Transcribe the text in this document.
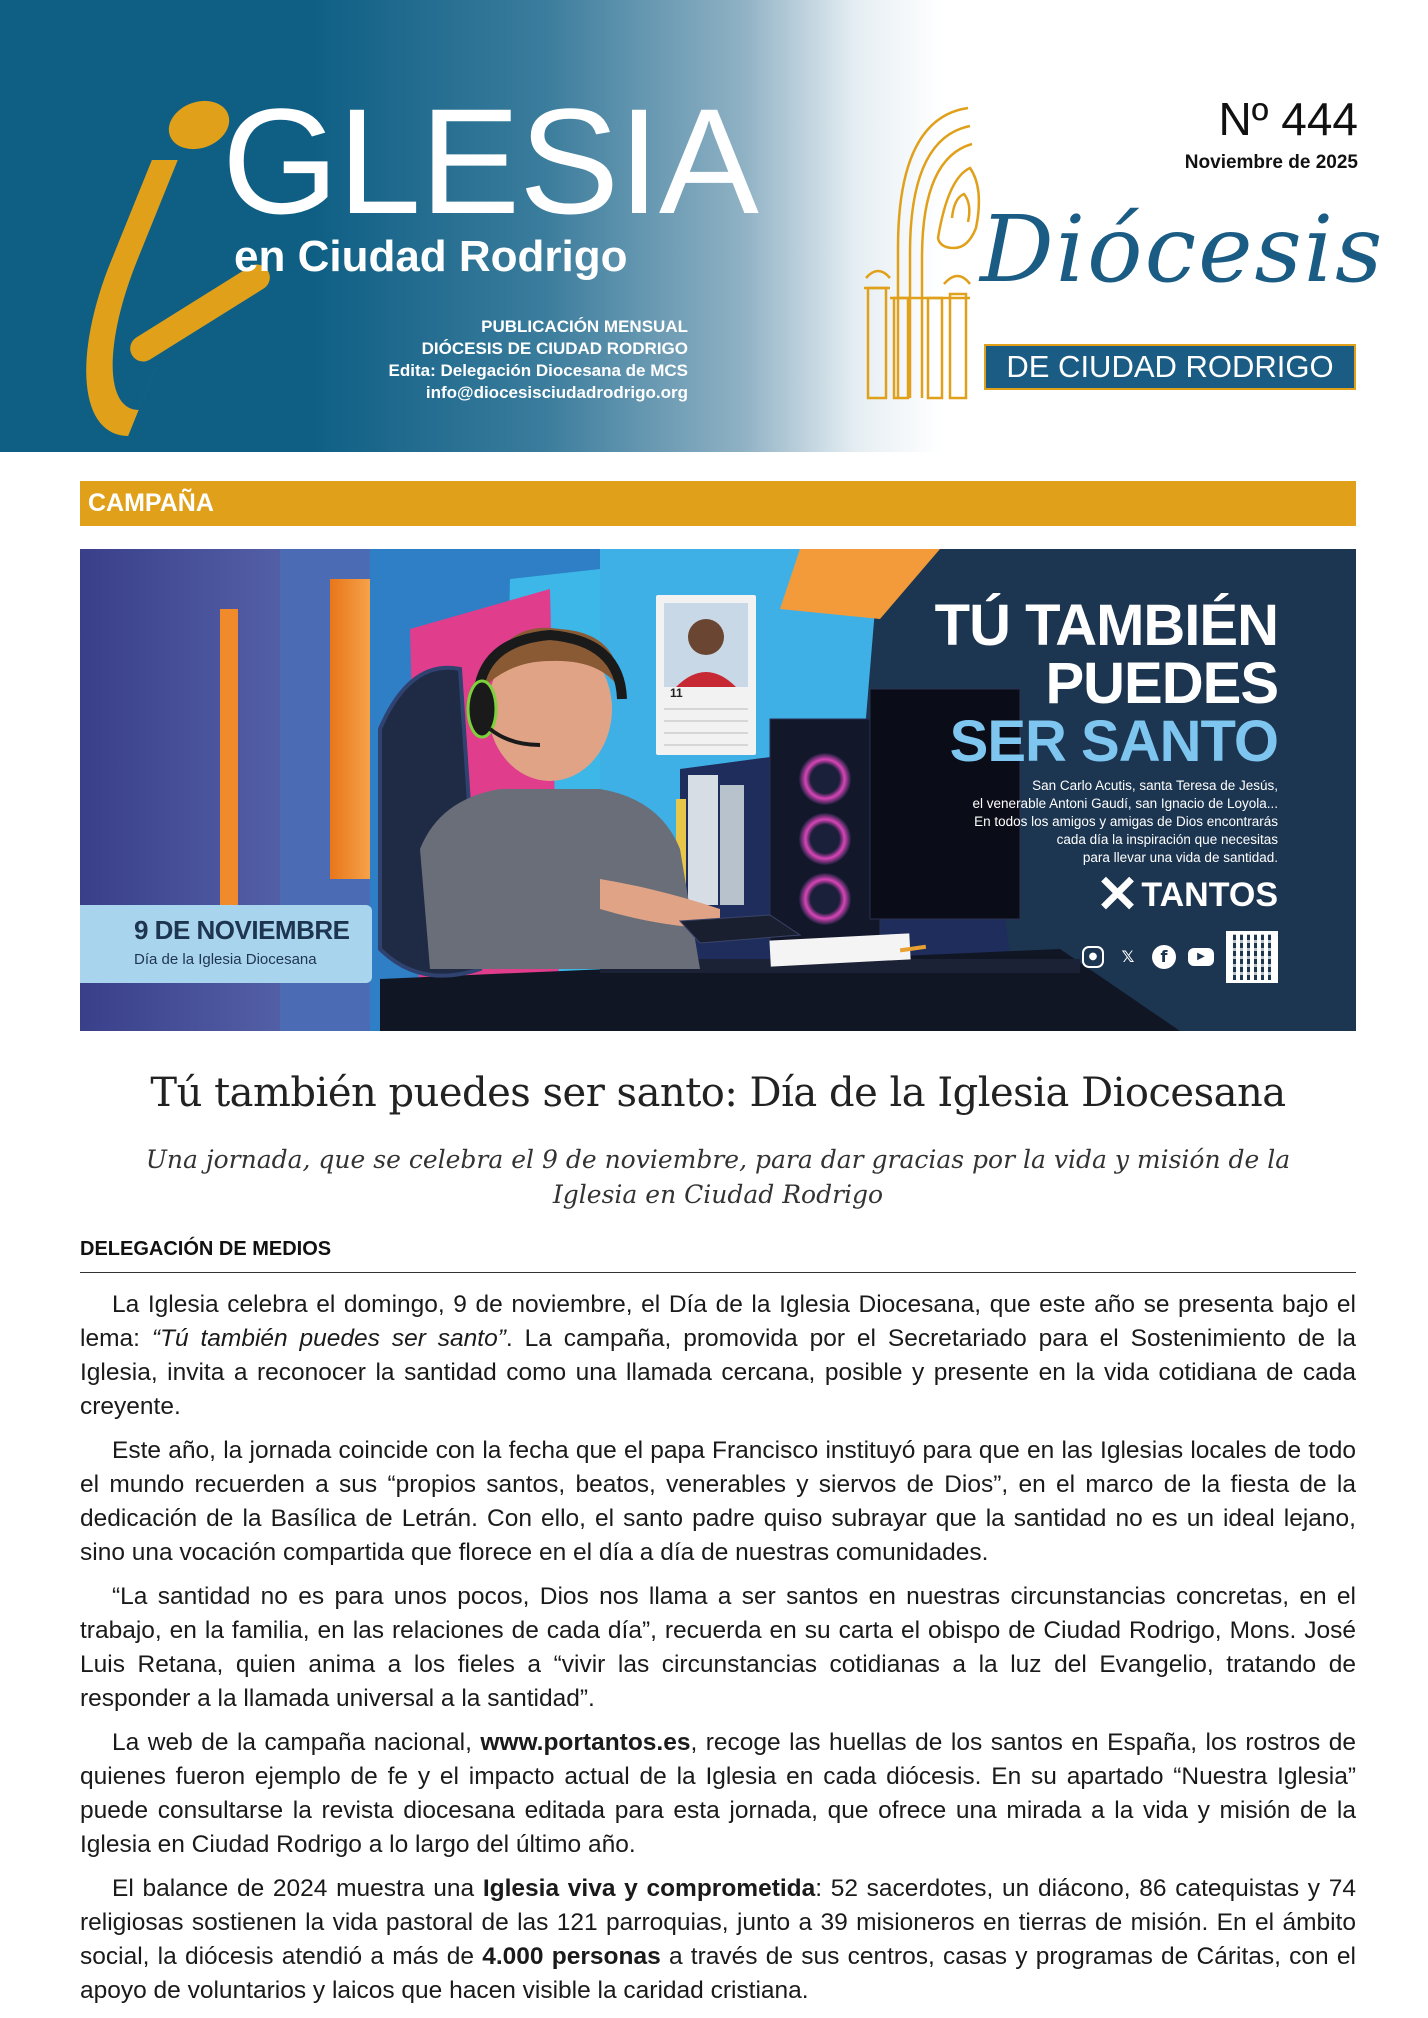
GLESIA
en Ciudad Rodrigo
PUBLICACIÓN MENSUAL
DIÓCESIS DE CIUDAD RODRIGO
Edita: Delegación Diocesana de MCS
info@diocesisciudadrodrigo.org
Nº 444
Noviembre de 2025
Diócesis
DE CIUDAD RODRIGO
CAMPAÑA
11
9 DE NOVIEMBRE
Día de la Iglesia Diocesana
TÚ TAMBIÉN
PUEDES
SER SANTO
San Carlo Acutis, santa Teresa de Jesús,
el venerable Antoni Gaudí, san Ignacio de Loyola...
En todos los amigos y amigas de Dios encontrarás
cada día la inspiración que necesitas
para llevar una vida de santidad.
✕TANTOS
●	𝕏	f	▶
Tú también puedes ser santo: Día de la Iglesia Diocesana
Una jornada, que se celebra el 9 de noviembre, para dar gracias por la vida y misión de la Iglesia en Ciudad Rodrigo
DELEGACIÓN DE MEDIOS

La Iglesia celebra el domingo, 9 de noviembre, el Día de la Iglesia Diocesana, que este año se presenta bajo el lema: “Tú también puedes ser santo”. La campaña, promovida por el Secretariado para el Sostenimiento de la Iglesia, invita a reconocer la santidad como una llamada cercana, posible y presente en la vida cotidiana de cada creyente.

Este año, la jornada coincide con la fecha que el papa Francisco instituyó para que en las Iglesias locales de todo el mundo recuerden a sus “propios santos, beatos, venerables y siervos de Dios”, en el marco de la fiesta de la dedicación de la Basílica de Letrán. Con ello, el santo padre quiso subrayar que la santidad no es un ideal lejano, sino una vocación compartida que florece en el día a día de nuestras comunidades.

“La santidad no es para unos pocos, Dios nos llama a ser santos en nuestras circunstancias concretas, en el trabajo, en la familia, en las relaciones de cada día”, recuerda en su carta el obispo de Ciudad Rodrigo, Mons. José Luis Retana, quien anima a los fieles a “vivir las circunstancias cotidianas a la luz del Evangelio, tratando de responder a la llamada universal a la santidad”.

La web de la campaña nacional, www.portantos.es, recoge las huellas de los santos en España, los rostros de quienes fueron ejemplo de fe y el impacto actual de la Iglesia en cada diócesis. En su apartado “Nuestra Iglesia” puede consultarse la revista diocesana editada para esta jornada, que ofrece una mirada a la vida y misión de la Iglesia en Ciudad Rodrigo a lo largo del último año.

El balance de 2024 muestra una Iglesia viva y comprometida: 52 sacerdotes, un diácono, 86 catequistas y 74 religiosas sostienen la vida pastoral de las 121 parroquias, junto a 39 misioneros en tierras de misión. En el ámbito social, la diócesis atendió a más de 4.000 personas a través de sus centros, casas y programas de Cáritas, con el apoyo de voluntarios y laicos que hacen visible la caridad cristiana.
